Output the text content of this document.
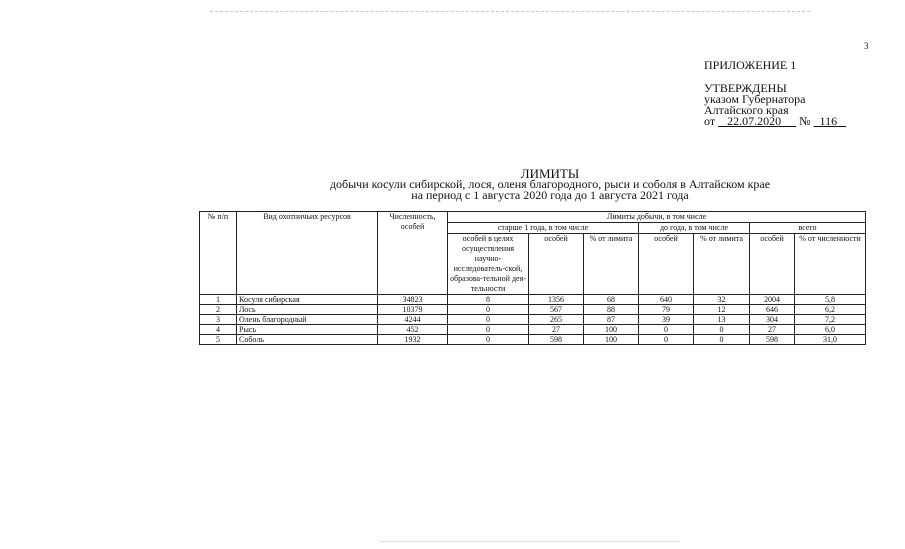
3
ПРИЛОЖЕНИЕ 1
УТВЕРЖДЕНЫ
указом Губернатора
Алтайского края
от 22.07.2020 № 116
ЛИМИТЫ
добычи косули сибирской, лося, оленя благородного, рыси и соболя в Алтайском крае
на период с 1 августа 2020 года до 1 августа 2021 года
№ п/п	Вид охотничьих ресурсов	Численность, особей	Лимиты добычи, в том числе						
			старше 1 года, в том числе			до года, в том числе		всего	
			особей в целях осуществления научно-исследователь-ской, образова-тельной дея-тельности	особей	% от лимита	особей	% от лимита	особей	% от численности
1	Косуля сибирская	34823	8	1356	68	640	32	2004	5,8
2	Лось	10379	0	567	88	79	12	646	6,2
3	Олень благородный	4244	0	265	87	39	13	304	7,2
4	Рысь	452	0	27	100	0	0	27	6,0
5	Соболь	1932	0	598	100	0	0	598	31,0
